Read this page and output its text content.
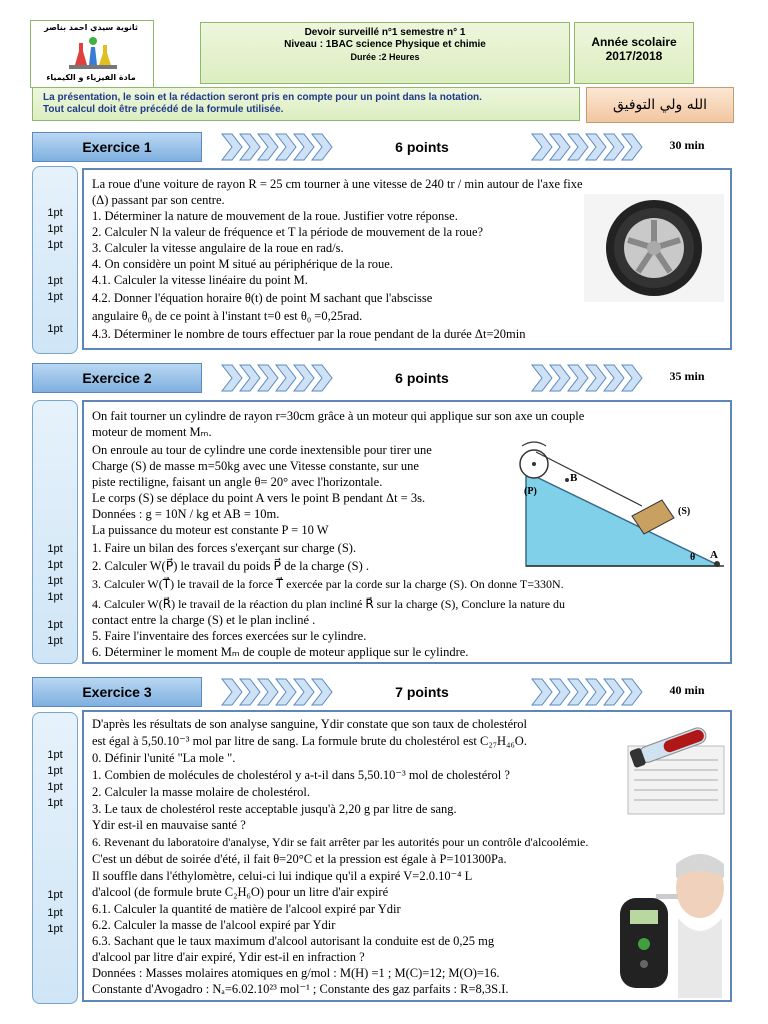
ثانوية سيدي احمد بناصر
مادة الفيزياء و الكيمياء
Devoir surveillé n°1 semestre n° 1
Niveau : 1BAC science Physique et chimie
Durée :2 Heures
Année scolaire
2017/2018
La présentation, le soin et la rédaction seront pris en compte pour un point dans la notation.
Tout calcul doit être précédé de la formule utilisée.	الله ولي التوفيق
Exercice 1	6 points	30 min
1pt
1pt
1pt
1pt
1pt
1pt
La roue d'une voiture de rayon R = 25 cm tourner à une vitesse de 240 tr / min autour de l'axe fixe
(Δ) passant par son centre.
1. Déterminer la nature de mouvement de la roue. Justifier votre réponse.
2. Calculer N la valeur de fréquence et T la période de mouvement de la roue?
3. Calculer la vitesse angulaire de la roue en rad/s.
4. On considère un point M situé au périphérique de la roue.
4.1. Calculer la vitesse linéaire du point M.
4.2. Donner l'équation horaire θ(t) de point M sachant que l'abscisse
angulaire θ₀ de ce point à l'instant t=0 est θ₀ =0,25rad.
4.3. Déterminer le nombre de tours effectuer par la roue pendant de la durée Δt=20min
Exercice 2	6 points	35 min
1pt
1pt
1pt
1pt
1pt
1pt
On fait tourner un cylindre de rayon r=30cm grâce à un moteur qui applique sur son axe un couple
moteur de moment Mₘ.
On enroule au tour de cylindre une corde inextensible pour tirer une
Charge (S) de masse m=50kg avec une Vitesse constante, sur une
piste rectiligne, faisant un angle θ= 20° avec l'horizontale.
Le corps (S) se déplace du point A vers le point B pendant Δt = 3s.
Données : g = 10N / kg et AB = 10m.
La puissance du moteur est constante P = 10 W
1. Faire un bilan des forces s'exerçant sur charge (S).
2. Calculer W(P⃗) le travail du poids P⃗ de la charge (S) .
3. Calculer W(T⃗) le travail de la force T⃗ exercée par la corde sur la charge (S). On donne T=330N.
4. Calculer W(R⃗) le travail de la réaction du plan incliné R⃗ sur la charge (S), Conclure la nature du
contact entre la charge (S) et le plan incliné .
5. Faire l'inventaire des forces exercées sur le cylindre.
6. Déterminer le moment Mₘ de couple de moteur applique sur le cylindre.
B
A
(S)
(P)
θ
Exercice 3	7 points	40 min
1pt
1pt
1pt
1pt
1pt
1pt
1pt
D'après les résultats de son analyse sanguine, Ydir constate que son taux de cholestérol
est égal à 5,50.10⁻³ mol par litre de sang. La formule brute du cholestérol est C₂₇H₄₆O.
0. Définir l'unité "La mole ".
1. Combien de molécules de cholestérol y a-t-il dans 5,50.10⁻³ mol de cholestérol ?
2. Calculer la masse molaire de cholestérol.
3. Le taux de cholestérol reste acceptable jusqu'à 2,20 g par litre de sang.
Ydir est-il en mauvaise santé ?
6. Revenant du laboratoire d'analyse, Ydir se fait arrêter par les autorités pour un contrôle d'alcoolémie.
C'est un début de soirée d'été, il fait θ=20°C et la pression est égale à P=101300Pa.
Il souffle dans l'éthylomètre, celui-ci lui indique qu'il a expiré V=2.0.10⁻⁴ L
d'alcool (de formule brute C₂H₆O) pour un litre d'air expiré
6.1. Calculer la quantité de matière de l'alcool expiré par Ydir
6.2. Calculer la masse de l'alcool expiré par Ydir
6.3. Sachant que le taux maximum d'alcool autorisant la conduite est de 0,25 mg
d'alcool par litre d'air expiré, Ydir est-il en infraction ?
Données : Masses molaires atomiques en g/mol : M(H) =1 ; M(C)=12; M(O)=16.
Constante d'Avogadro : Nₐ=6.02.10²³ mol⁻¹ ; Constante des gaz parfaits : R=8,3S.I.
